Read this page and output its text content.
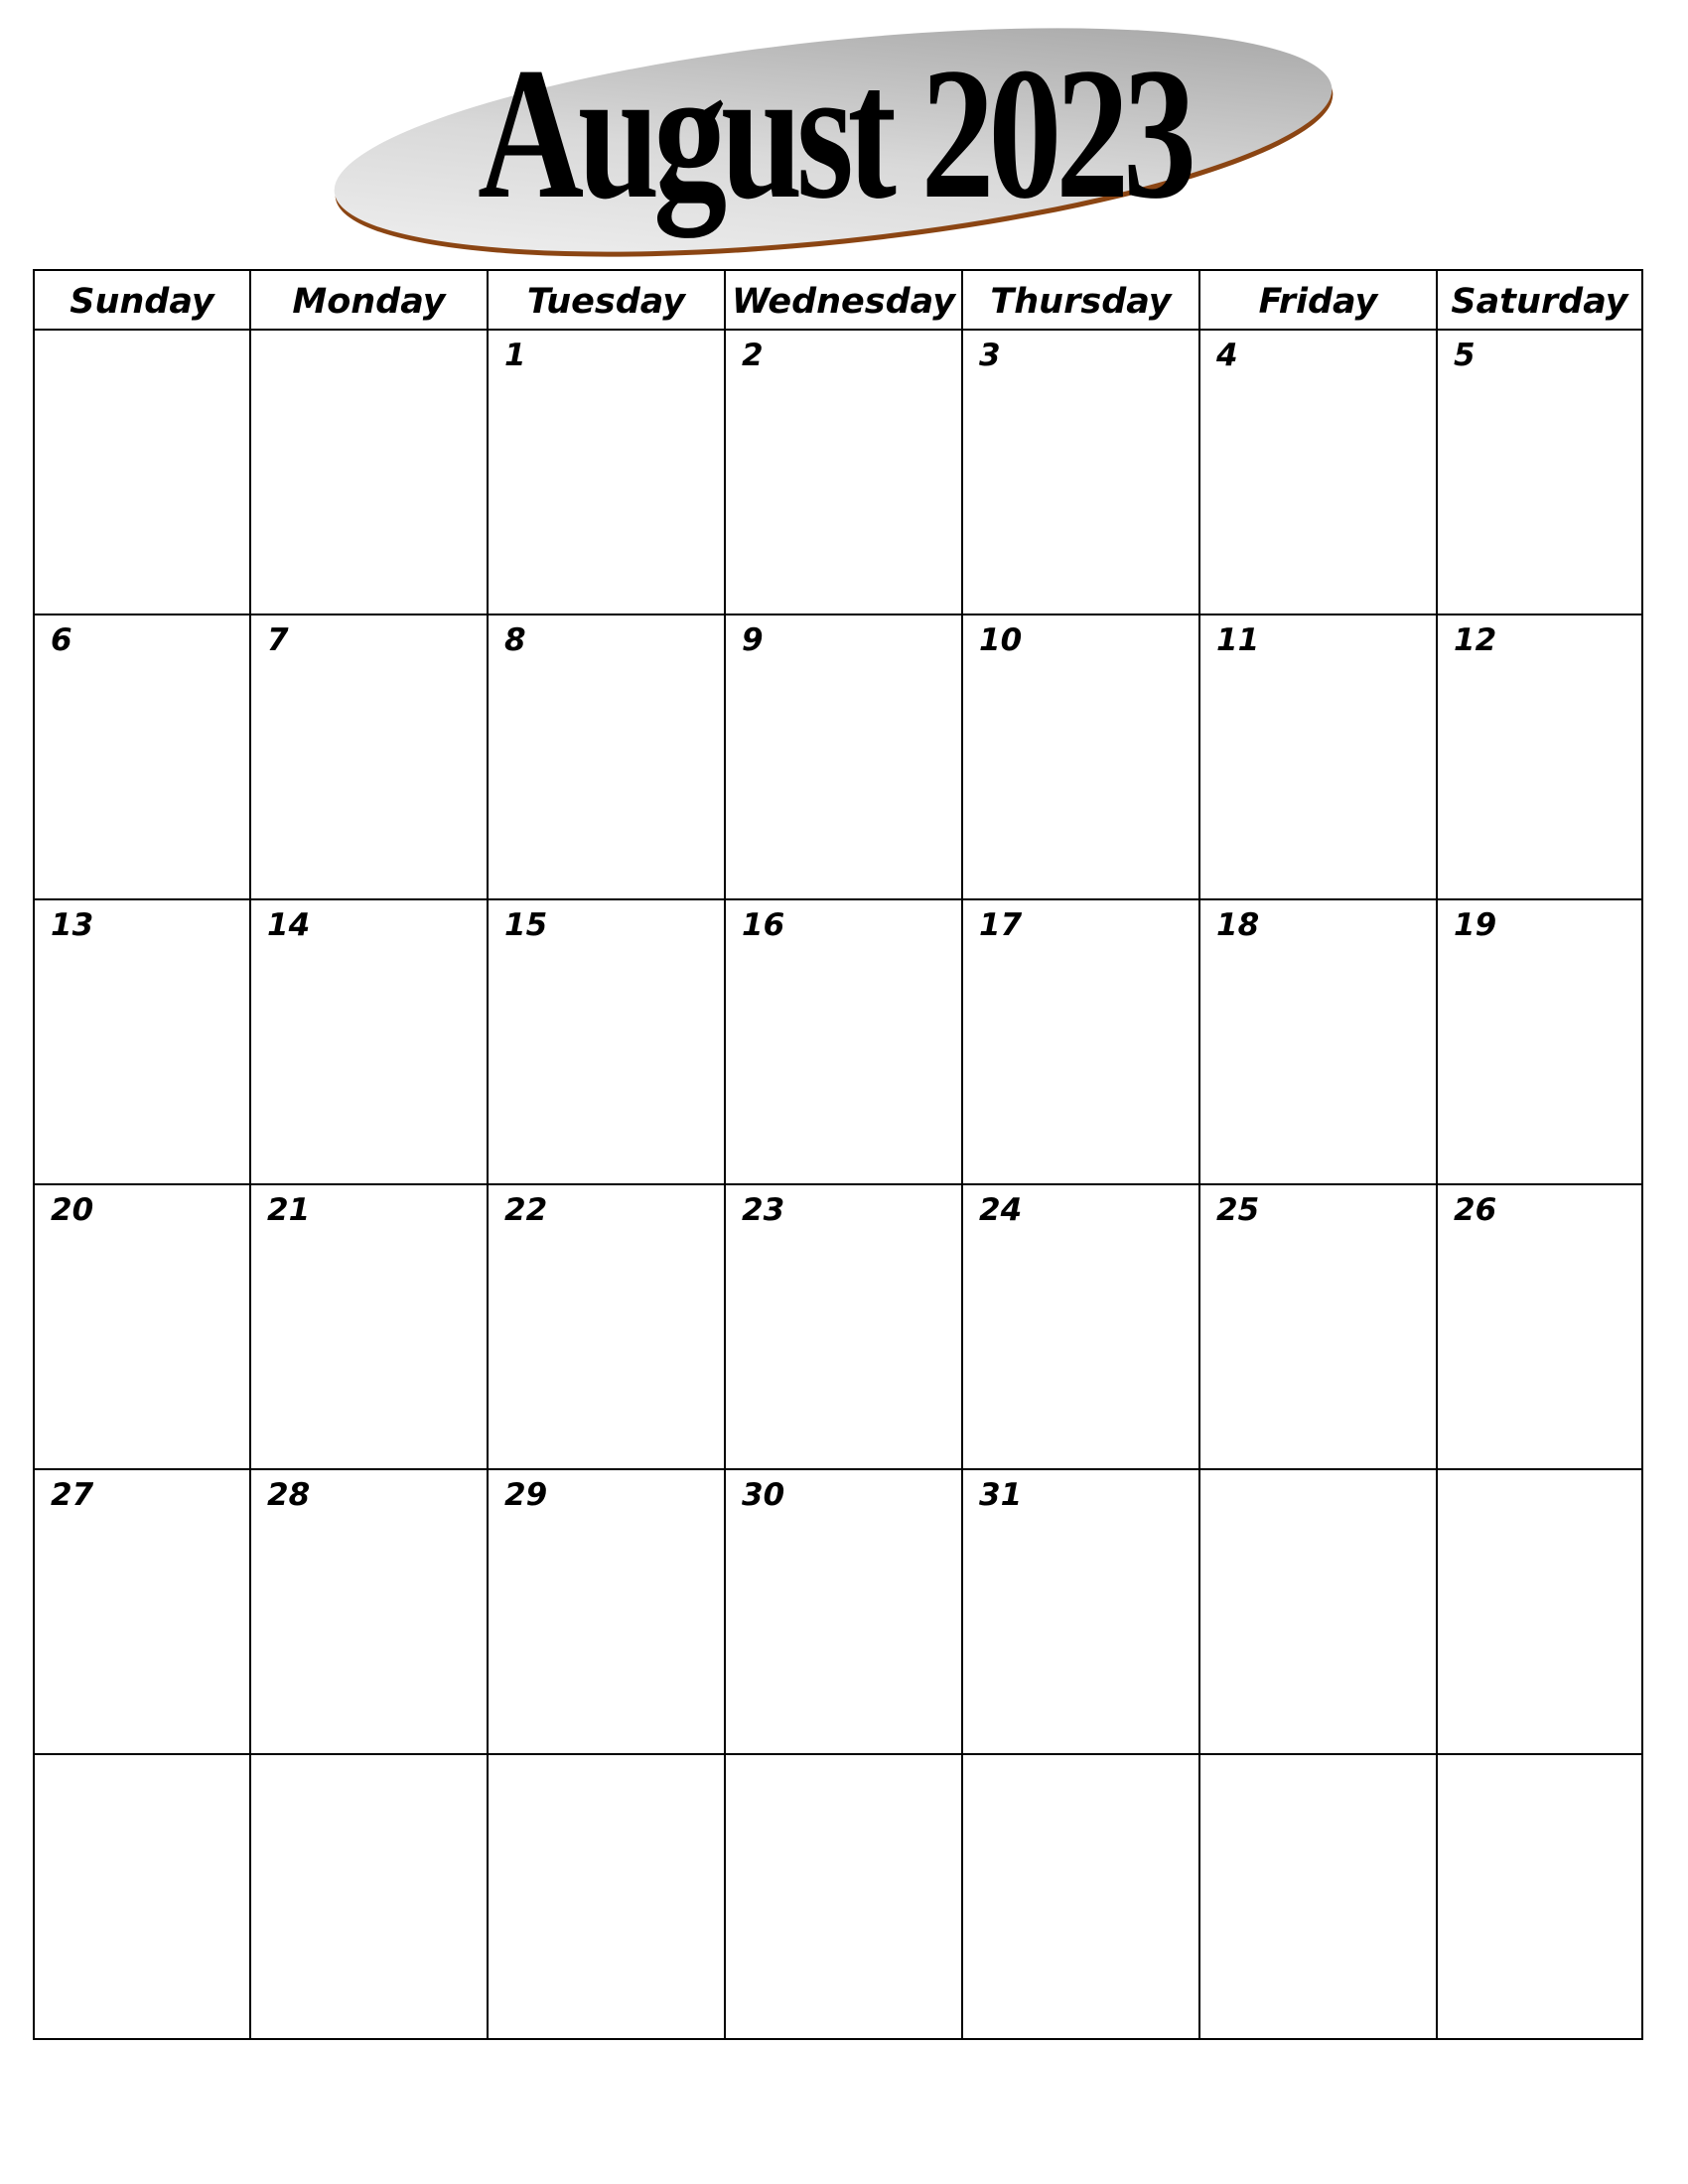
August 2023
Sunday	Monday	Tuesday	Wednesday	Thursday	Friday	Saturday

		1	2	3	4	5

6	7	8	9	10	11	12

13	14	15	16	17	18	19

20	21	22	23	24	25	26

27	28	29	30	31		
